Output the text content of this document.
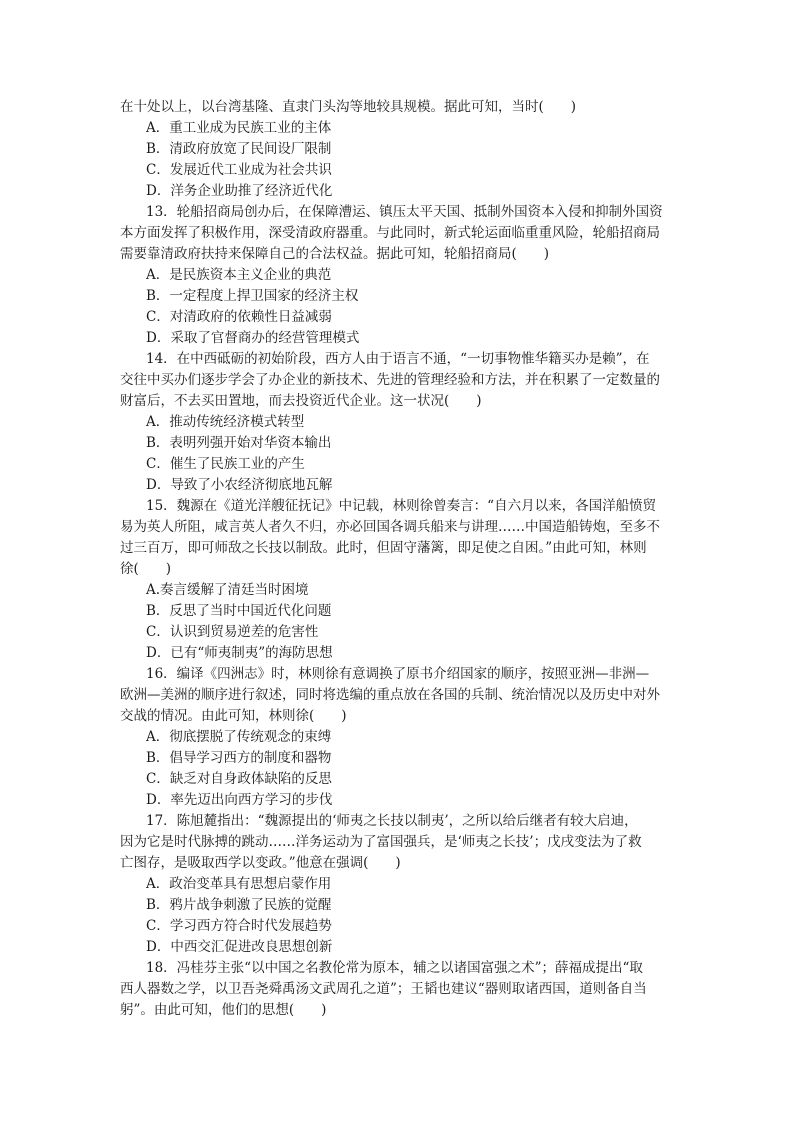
在十处以上，以台湾基隆、直隶门头沟等地较具规模。据此可知，当时(　　)
A．重工业成为民族工业的主体
B．清政府放宽了民间设厂限制
C．发展近代工业成为社会共识
D．洋务企业助推了经济近代化
13．轮船招商局创办后，在保障漕运、镇压太平天国、抵制外国资本入侵和抑制外国资
本方面发挥了积极作用，深受清政府器重。与此同时，新式轮运面临重重风险，轮船招商局
需要靠清政府扶持来保障自己的合法权益。据此可知，轮船招商局(　　)
A．是民族资本主义企业的典范
B．一定程度上捍卫国家的经济主权
C．对清政府的依赖性日益减弱
D．采取了官督商办的经营管理模式
14．在中西砥砺的初始阶段，西方人由于语言不通，“一切事物惟华籍买办是赖”，在
交往中买办们逐步学会了办企业的新技术、先进的管理经验和方法，并在积累了一定数量的
财富后，不去买田置地，而去投资近代企业。这一状况(　　)
A．推动传统经济模式转型
B．表明列强开始对华资本输出
C．催生了民族工业的产生
D．导致了小农经济彻底地瓦解
15．魏源在《道光洋艘征抚记》中记载，林则徐曾奏言：“自六月以来，各国洋船愤贸
易为英人所阻，咸言英人者久不归，亦必回国各调兵船来与讲理……中国造船铸炮，至多不
过三百万，即可师敌之长技以制敌。此时，但固守藩篱，即足使之自困。”由此可知，林则
徐(　　)
A.奏言缓解了清廷当时困境
B．反思了当时中国近代化问题
C．认识到贸易逆差的危害性
D．已有“师夷制夷”的海防思想
16．编译《四洲志》时，林则徐有意调换了原书介绍国家的顺序，按照亚洲—非洲—
欧洲—美洲的顺序进行叙述，同时将选编的重点放在各国的兵制、统治情况以及历史中对外
交战的情况。由此可知，林则徐(　　)
A．彻底摆脱了传统观念的束缚
B．倡导学习西方的制度和器物
C．缺乏对自身政体缺陷的反思
D．率先迈出向西方学习的步伐
17．陈旭麓指出：“魏源提出的‘师夷之长技以制夷’，之所以给后继者有较大启迪，
因为它是时代脉搏的跳动……洋务运动为了富国强兵，是‘师夷之长技’；戊戌变法为了救
亡图存，是吸取西学以变政。”他意在强调(　　)
A．政治变革具有思想启蒙作用
B．鸦片战争刺激了民族的觉醒
C．学习西方符合时代发展趋势
D．中西交汇促进改良思想创新
18．冯桂芬主张“以中国之名教伦常为原本，辅之以诸国富强之术”；薛福成提出“取
西人器数之学，以卫吾尧舜禹汤文武周孔之道”；王韬也建议“器则取诸西国，道则备自当
躬”。由此可知，他们的思想(　　)
